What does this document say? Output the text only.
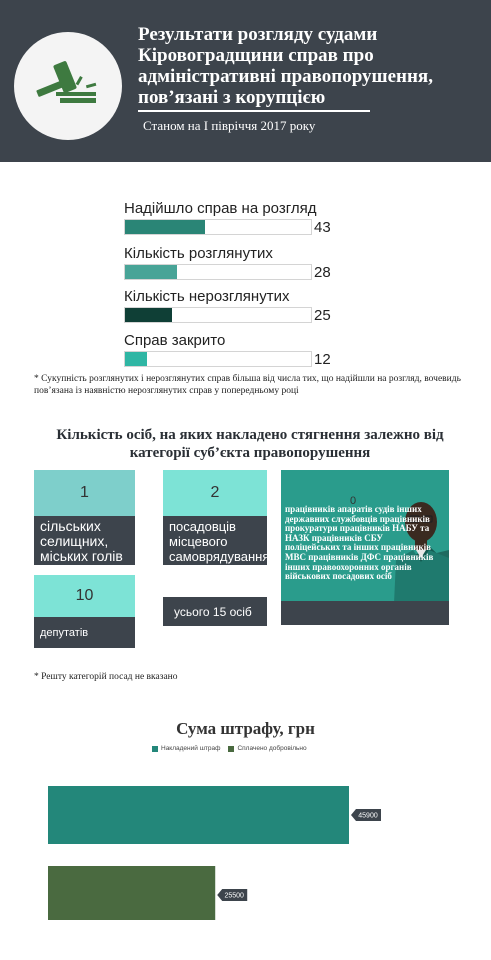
Результати розгляду судами Кіровоградщини справ про адміністративні правопорушення, пов’язані з корупцією
Станом на І півріччя 2017 року
Надійшло справ на розгляд
43
Кількість розглянутих
28
Кількість нерозглянутих
25
Справ закрито
12
* Сукупність розглянутих і нерозглянутих справ більша від числа тих, що надійшли на розгляд, вочевидь пов’язана із наявністю нерозглянутих справ у попередньому році
Кількість осіб, на яких накладено стягнення залежно від категорії суб’єкта правопорушення
1
сільських селищних, міських голів
2
посадовців місцевого самоврядування
0
працівників апаратів судів іншиx державних службовців працівників прокуратури працівників НАБУ та НАЗК працівників СБУ поліцейських та інших працівників МВС працівників ДФС працівників інших правоохоронних органів військових посадових осіб
10
депутатів
усього 15 осіб
* Решту категорій посад не вказано
Сума штрафу, грн
Накладений штраф	Сплачено добровільно
45900
25500
